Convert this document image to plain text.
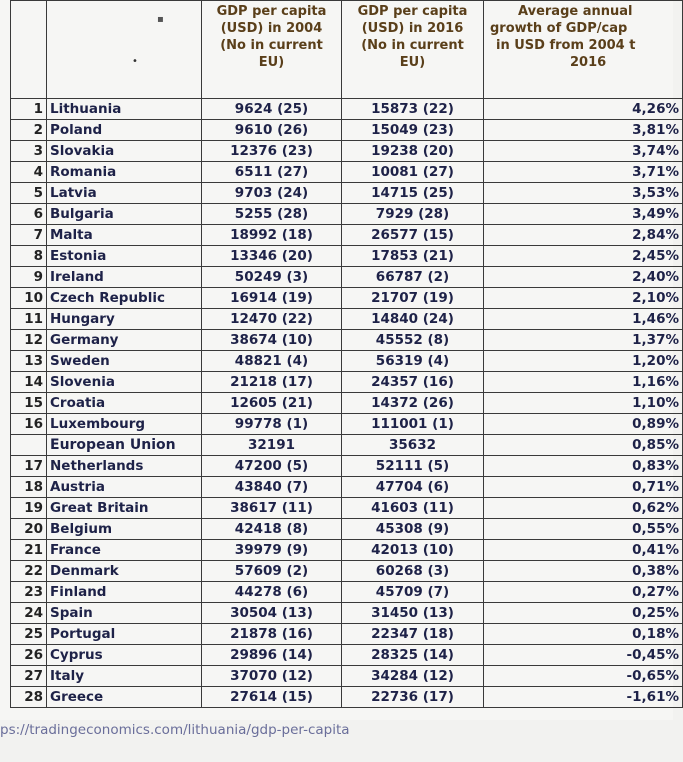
▪
•

		GDP per capita
(USD) in 2004
(No in current
EU)	GDP per capita
(USD) in 2016
(No in current
EU)	Average annual
growth of GDP/cap
in USD from 2004 t
2016

1	Lithuania	9624 (25)	15873 (22)	4,26%
2	Poland	9610 (26)	15049 (23)	3,81%
3	Slovakia	12376 (23)	19238 (20)	3,74%
4	Romania	6511 (27)	10081 (27)	3,71%
5	Latvia	9703 (24)	14715 (25)	3,53%
6	Bulgaria	5255 (28)	7929 (28)	3,49%
7	Malta	18992 (18)	26577 (15)	2,84%
8	Estonia	13346 (20)	17853 (21)	2,45%
9	Ireland	50249 (3)	66787 (2)	2,40%
10	Czech Republic	16914 (19)	21707 (19)	2,10%
11	Hungary	12470 (22)	14840 (24)	1,46%
12	Germany	38674 (10)	45552 (8)	1,37%
13	Sweden	48821 (4)	56319 (4)	1,20%
14	Slovenia	21218 (17)	24357 (16)	1,16%
15	Croatia	12605 (21)	14372 (26)	1,10%
16	Luxembourg	99778 (1)	111001 (1)	0,89%
	European Union	32191	35632	0,85%
17	Netherlands	47200 (5)	52111 (5)	0,83%
18	Austria	43840 (7)	47704 (6)	0,71%
19	Great Britain	38617 (11)	41603 (11)	0,62%
20	Belgium	42418 (8)	45308 (9)	0,55%
21	France	39979 (9)	42013 (10)	0,41%
22	Denmark	57609 (2)	60268 (3)	0,38%
23	Finland	44278 (6)	45709 (7)	0,27%
24	Spain	30504 (13)	31450 (13)	0,25%
25	Portugal	21878 (16)	22347 (18)	0,18%
26	Cyprus	29896 (14)	28325 (14)	-0,45%
27	Italy	37070 (12)	34284 (12)	-0,65%
28	Greece	27614 (15)	22736 (17)	-1,61%
ps://tradingeconomics.com/lithuania/gdp-per-capita
